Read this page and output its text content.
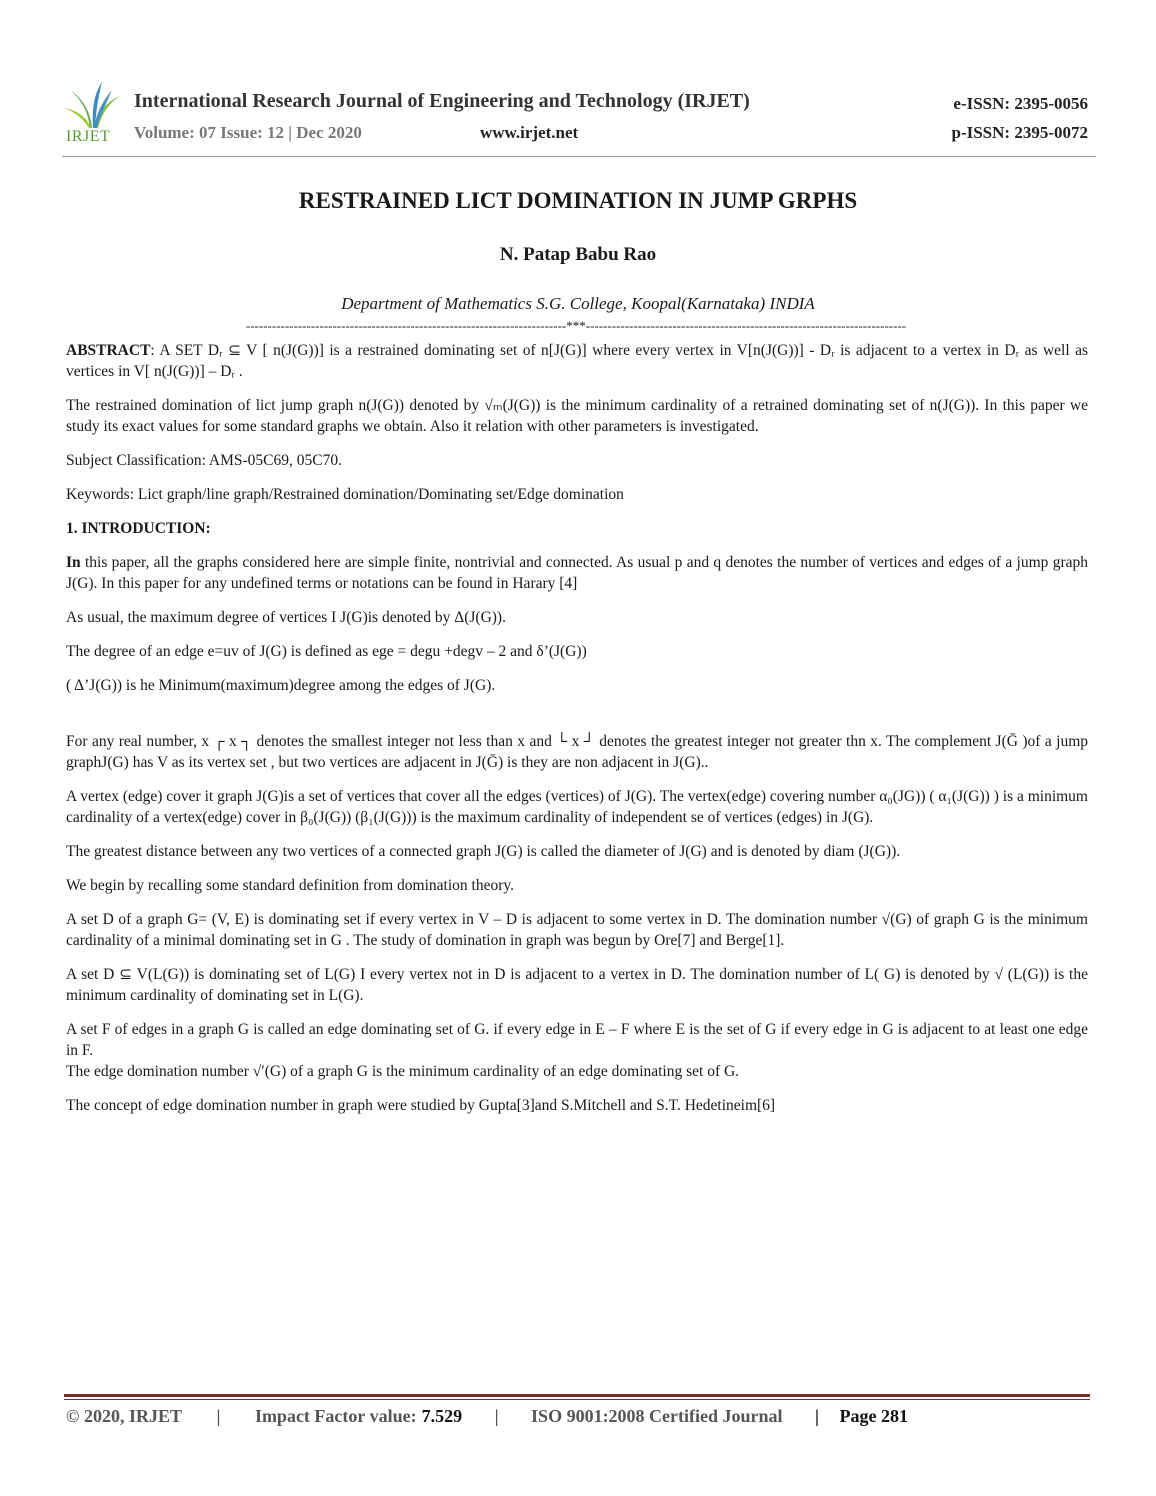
IRJET
International Research Journal of Engineering and Technology (IRJET)
Volume: 07 Issue: 12 | Dec 2020	www.irjet.net
e-ISSN: 2395-0056
p-ISSN: 2395-0072
RESTRAINED LICT DOMINATION IN JUMP GRPHS
N. Patap Babu Rao
Department of Mathematics S.G. College, Koopal(Karnataka) INDIA
--------------------------------------------------------------------------***--------------------------------------------------------------------------

ABSTRACT: A SET Dᵣ ⊆ V [ n(J(G))] is a restrained dominating set of n[J(G)] where every vertex in V[n(J(G))] - Dᵣ is adjacent to a vertex in Dᵣ as well as vertices in V[ n(J(G))] – Dᵣ .

The restrained domination of lict jump graph n(J(G)) denoted by √ₘ(J(G)) is the minimum cardinality of a retrained dominating set of n(J(G)). In this paper we study its exact values for some standard graphs we obtain. Also it relation with other parameters is investigated.

Subject Classification: AMS-05C69, 05C70.

Keywords: Lict graph/line graph/Restrained domination/Dominating set/Edge domination

1. INTRODUCTION:

In this paper, all the graphs considered here are simple finite, nontrivial and connected. As usual p and q denotes the number of vertices and edges of a jump graph J(G). In this paper for any undefined terms or notations can be found in Harary [4]

As usual, the maximum degree of vertices I J(G)is denoted by Δ(J(G)).

The degree of an edge e=uv of J(G) is defined as ege = degu +degv – 2 and δ’(J(G))

( Δ’J(G)) is he Minimum(maximum)degree among the edges of J(G).

For any real number, x ┌ x ┐ denotes the smallest integer not less than x and └ x ┘ denotes the greatest integer not greater thn x. The complement J(Ḡ )of a jump graphJ(G) has V as its vertex set , but two vertices are adjacent in J(Ḡ) is they are non adjacent in J(G)..

A vertex (edge) cover it graph J(G)is a set of vertices that cover all the edges (vertices) of J(G). The vertex(edge) covering number α₀(JG)) ( α₁(J(G)) ) is a minimum cardinality of a vertex(edge) cover in β₀(J(G)) (β₁(J(G))) is the maximum cardinality of independent se of vertices (edges) in J(G).

The greatest distance between any two vertices of a connected graph J(G) is called the diameter of J(G) and is denoted by diam (J(G)).

We begin by recalling some standard definition from domination theory.

A set D of a graph G= (V, E) is dominating set if every vertex in V – D is adjacent to some vertex in D. The domination number √(G) of graph G is the minimum cardinality of a minimal dominating set in G . The study of domination in graph was begun by Ore[7] and Berge[1].

A set D ⊆ V(L(G)) is dominating set of L(G) I every vertex not in D is adjacent to a vertex in D. The domination number of L( G) is denoted by √ (L(G)) is the minimum cardinality of dominating set in L(G).

A set F of edges in a graph G is called an edge dominating set of G. if every edge in E – F where E is the set of G if every edge in G is adjacent to at least one edge in F.

The edge domination number √′(G) of a graph G is the minimum cardinality of an edge dominating set of G.

The concept of edge domination number in graph were studied by Gupta[3]and S.Mitchell and S.T. Hedetineim[6]

© 2020, IRJET | Impact Factor value:7.529 | ISO 9001:2008 Certified Journal | Page 281
